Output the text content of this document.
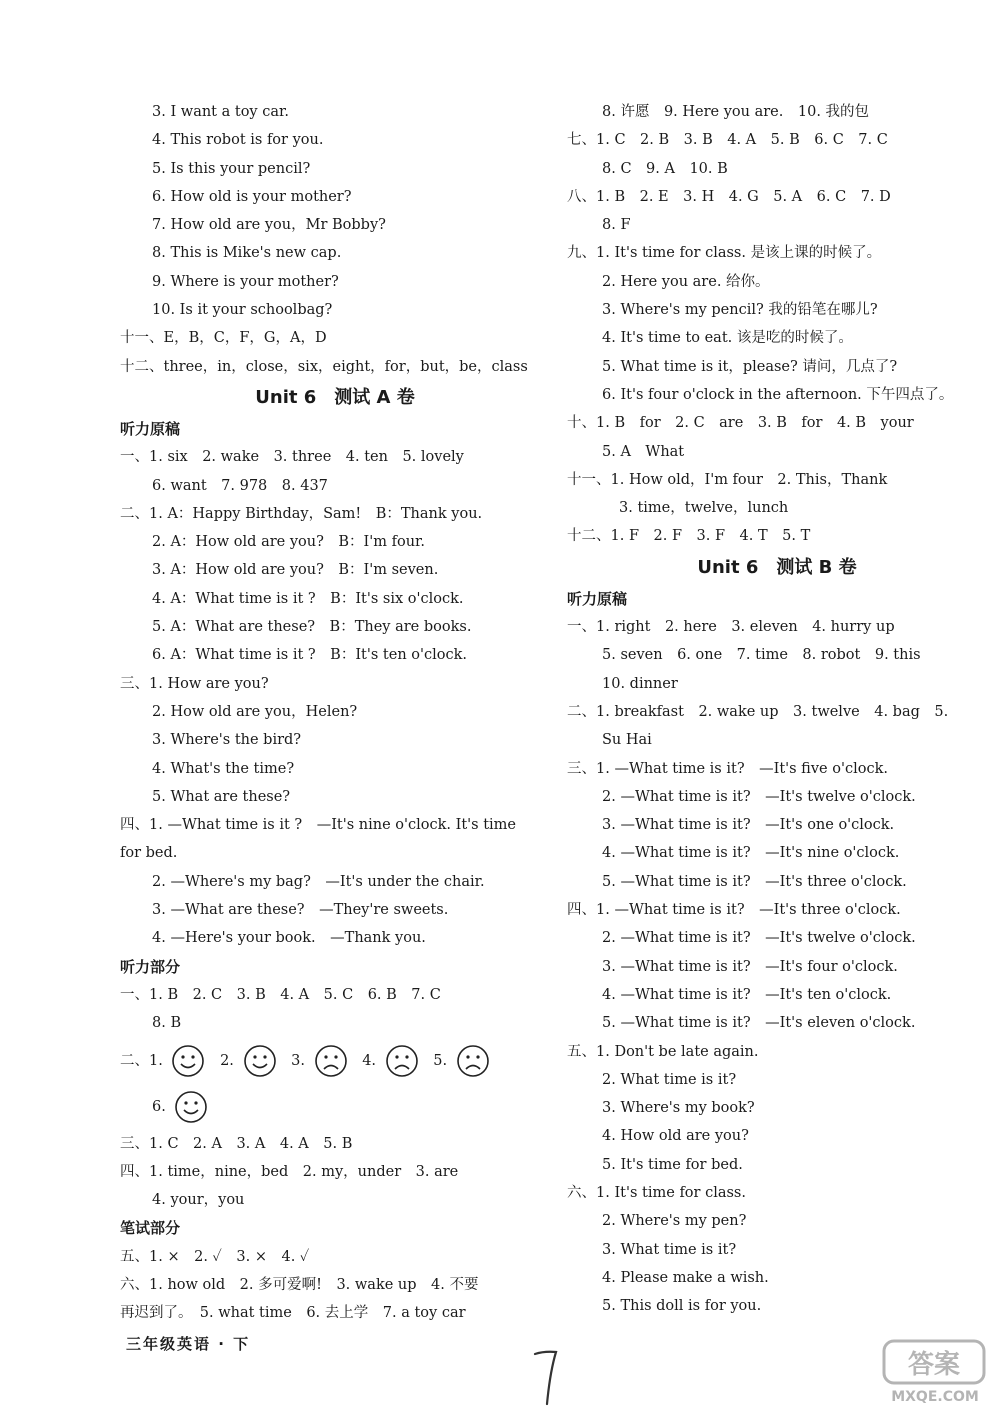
3. I want a toy car.
4. This robot is for you.
5. Is this your pencil?
6. How old is your mother?
7. How old are you，Mr Bobby?
8. This is Mike's new cap.
9. Where is your mother?
10. Is it your schoolbag?
十一、E，B，C，F，G，A，D
十二、three，in，close，six，eight，for，but，be，class
Unit 6　测试 A 卷
听力原稿
一、1. six　2. wake　3. three　4. ten　5. lovely
6. want　7. 978　8. 437
二、1. A：Happy Birthday，Sam!　B：Thank you.
2. A：How old are you?　B：I'm four.
3. A：How old are you?　B：I'm seven.
4. A：What time is it ?　B：It's six o'clock.
5. A：What are these?　B：They are books.
6. A：What time is it ?　B：It's ten o'clock.
三、1. How are you?
2. How old are you，Helen?
3. Where's the bird?
4. What's the time?
5. What are these?
四、1. —What time is it ?　—It's nine o'clock. It's time
for bed.
2. —Where's my bag?　—It's under the chair.
3. —What are these?　—They're sweets.
4. —Here's your book.　—Thank you.
听力部分
一、1. B　2. C　3. B　4. A　5. C　6. B　7. C
8. B
二、1.	2.	3.	4.	5.
6.
三、1. C　2. A　3. A　4. A　5. B
四、1. time，nine，bed　2. my，under　3. are
4. your，you
笔试部分
五、1. ×　2. ✓　3. ×　4. ✓
六、1. how old　2. 多可爱啊!　3. wake up　4. 不要
再迟到了。　5. what time　6. 去上学　7. a toy car
8. 许愿　9. Here you are.　10. 我的包
七、1. C　2. B　3. B　4. A　5. B　6. C　7. C
8. C　9. A　10. B
八、1. B　2. E　3. H　4. G　5. A　6. C　7. D
8. F
九、1. It's time for class. 是该上课的时候了。
2. Here you are. 给你。
3. Where's my pencil? 我的铅笔在哪儿?
4. It's time to eat. 该是吃的时候了。
5. What time is it，please? 请问，几点了?
6. It's four o'clock in the afternoon. 下午四点了。
十、1. B　for　2. C　are　3. B　for　4. B　your
5. A　What
十一、1. How old，I'm four　2. This，Thank
3. time，twelve，lunch
十二、1. F　2. F　3. F　4. T　5. T
Unit 6　测试 B 卷
听力原稿
一、1. right　2. here　3. eleven　4. hurry up
5. seven　6. one　7. time　8. robot　9. this
10. dinner
二、1. breakfast　2. wake up　3. twelve　4. bag　5.
Su Hai
三、1. —What time is it?　—It's five o'clock.
2. —What time is it?　—It's twelve o'clock.
3. —What time is it?　—It's one o'clock.
4. —What time is it?　—It's nine o'clock.
5. —What time is it?　—It's three o'clock.
四、1. —What time is it?　—It's three o'clock.
2. —What time is it?　—It's twelve o'clock.
3. —What time is it?　—It's four o'clock.
4. —What time is it?　—It's ten o'clock.
5. —What time is it?　—It's eleven o'clock.
五、1. Don't be late again.
2. What time is it?
3. Where's my book?
4. How old are you?
5. It's time for bed.
六、1. It's time for class.
2. Where's my pen?
3. What time is it?
4. Please make a wish.
5. This doll is for you.
三年级英语 · 下
答案
MXQE.COM
